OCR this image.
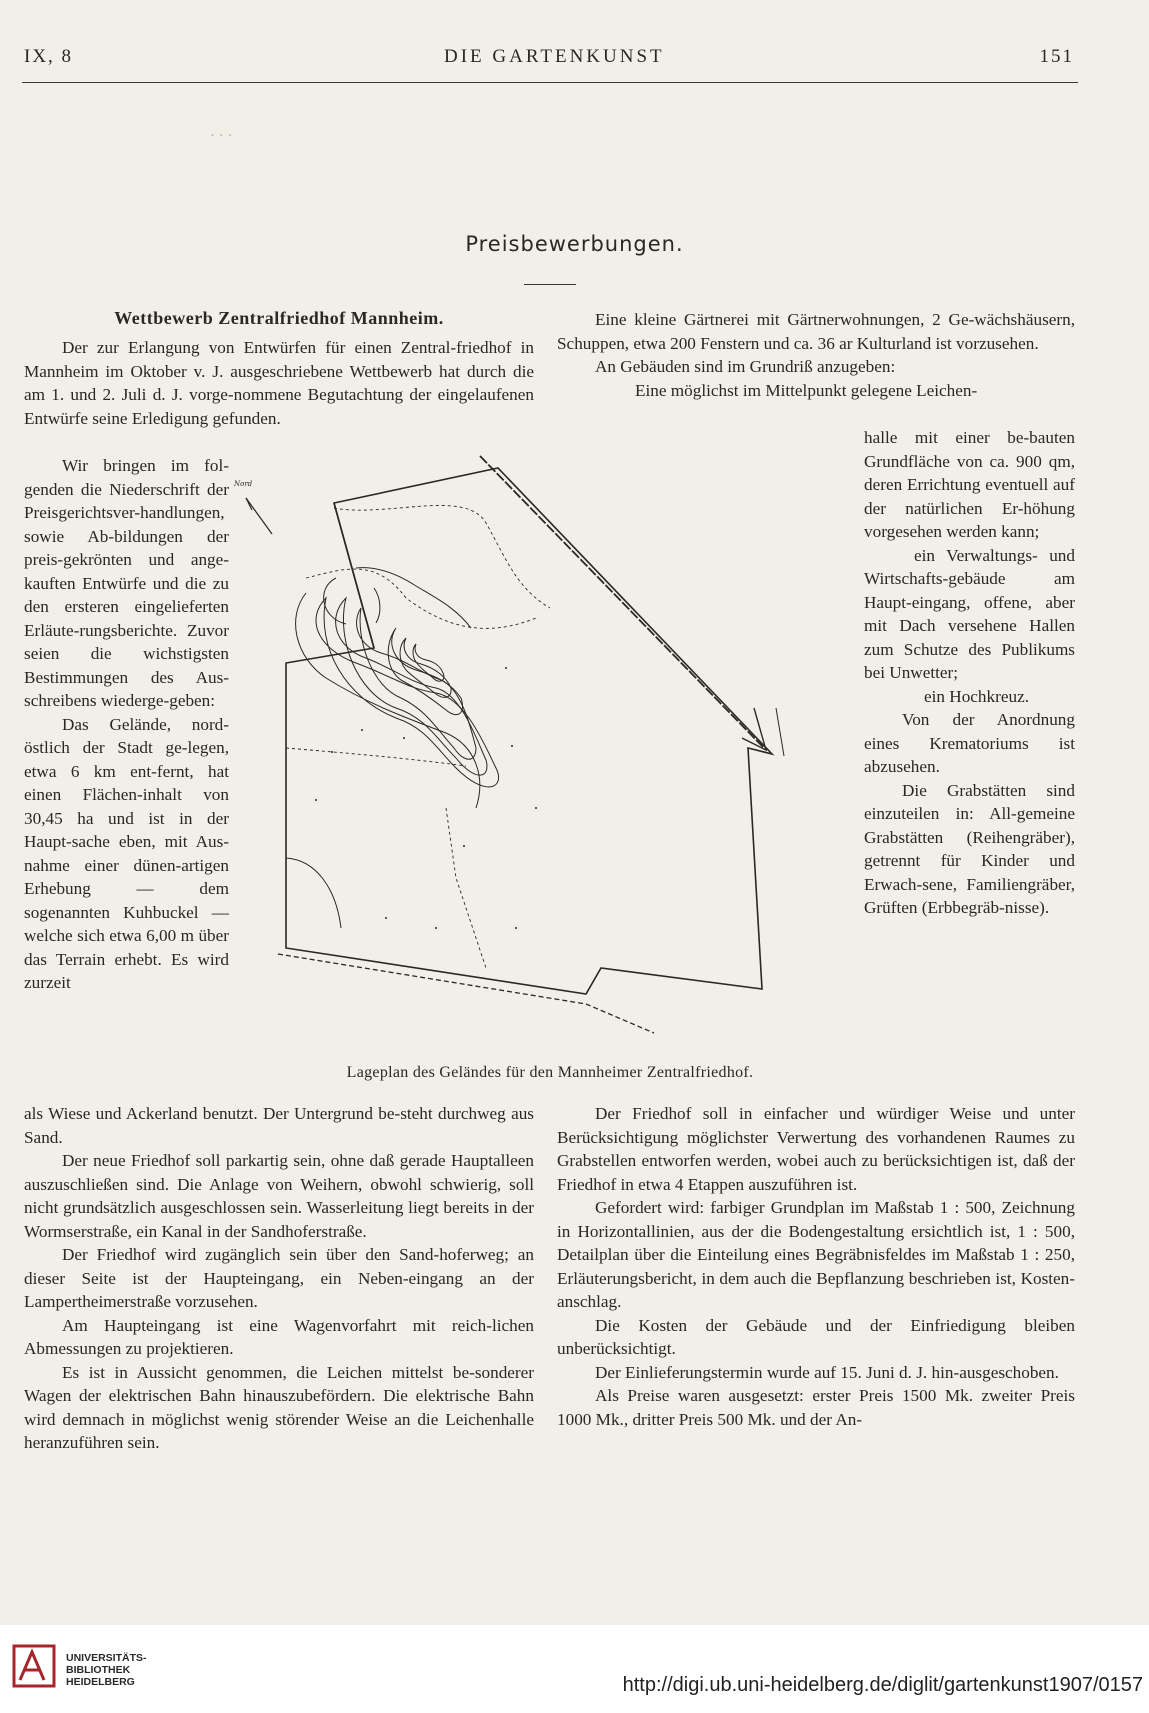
IX, 8	DIE GARTENKUNST	151
· · ·
Preisbewerbungen.
Wettbewerb Zentralfriedhof Mannheim.

Der zur Erlangung von Entwürfen für einen Zentral-friedhof in Mannheim im Oktober v. J. ausgeschriebene Wettbewerb hat durch die am 1. und 2. Juli d. J. vorge-nommene Begutachtung der eingelaufenen Entwürfe seine Erledigung gefunden.

Wir bringen im fol-genden die Niederschrift der Preisgerichtsver-handlungen, sowie Ab-bildungen der preis-gekrönten und ange-kauften Entwürfe und die zu den ersteren eingelieferten Erläute-rungsberichte. Zuvor seien die wichstigsten Bestimmungen des Aus-schreibens wiederge-geben:

Das Gelände, nord-östlich der Stadt ge-legen, etwa 6 km ent-fernt, hat einen Flächen-inhalt von 30,45 ha und ist in der Haupt-sache eben, mit Aus-nahme einer dünen-artigen Erhebung — dem sogenannten Kuhbuckel — welche sich etwa 6,00 m über das Terrain erhebt. Es wird zurzeit

als Wiese und Ackerland benutzt. Der Untergrund be-steht durchweg aus Sand.

Der neue Friedhof soll parkartig sein, ohne daß gerade Hauptalleen auszuschließen sind. Die Anlage von Weihern, obwohl schwierig, soll nicht grundsätzlich ausgeschlossen sein. Wasserleitung liegt bereits in der Wormserstraße, ein Kanal in der Sandhoferstraße.

Der Friedhof wird zugänglich sein über den Sand-hoferweg; an dieser Seite ist der Haupteingang, ein Neben-eingang an der Lampertheimerstraße vorzusehen.

Am Haupteingang ist eine Wagenvorfahrt mit reich-lichen Abmessungen zu projektieren.

Es ist in Aussicht genommen, die Leichen mittelst be-sonderer Wagen der elektrischen Bahn hinauszubefördern. Die elektrische Bahn wird demnach in möglichst wenig störender Weise an die Leichenhalle heranzuführen sein.

Eine kleine Gärtnerei mit Gärtnerwohnungen, 2 Ge-wächshäusern, Schuppen, etwa 200 Fenstern und ca. 36 ar Kulturland ist vorzusehen.

An Gebäuden sind im Grundriß anzugeben:

Eine möglichst im Mittelpunkt gelegene Leichen-

halle mit einer be-bauten Grundfläche von ca. 900 qm, deren Errichtung eventuell auf der natürlichen Er-höhung vorgesehen werden kann;

ein Verwaltungs- und Wirtschafts-gebäude am Haupt-eingang, offene, aber mit Dach versehene Hallen zum Schutze des Publikums bei Unwetter;

ein Hochkreuz.

Von der Anordnung eines Krematoriums ist abzusehen.

Die Grabstätten sind einzuteilen in: All-gemeine Grabstätten (Reihengräber), getrennt für Kinder und Erwach-sene, Familiengräber, Grüften (Erbbegräb-nisse).

Der Friedhof soll in einfacher und würdiger Weise und unter Berücksichtigung möglichster Verwertung des vorhandenen Raumes zu Grabstellen entworfen werden, wobei auch zu berücksichtigen ist, daß der Friedhof in etwa 4 Etappen auszuführen ist.

Gefordert wird: farbiger Grundplan im Maßstab 1 : 500, Zeichnung in Horizontallinien, aus der die Bodengestaltung ersichtlich ist, 1 : 500, Detailplan über die Einteilung eines Begräbnisfeldes im Maßstab 1 : 250, Erläuterungsbericht, in dem auch die Bepflanzung beschrieben ist, Kosten-anschlag.

Die Kosten der Gebäude und der Einfriedigung bleiben unberücksichtigt.

Der Einlieferungstermin wurde auf 15. Juni d. J. hin-ausgeschoben.

Als Preise waren ausgesetzt: erster Preis 1500 Mk. zweiter Preis 1000 Mk., dritter Preis 500 Mk. und der An-

Nord
Lageplan des Geländes für den Mannheimer Zentralfriedhof.
UNIVERSITÄTS-
BIBLIOTHEK
HEIDELBERG	http://digi.ub.uni-heidelberg.de/diglit/gartenkunst1907/0157
